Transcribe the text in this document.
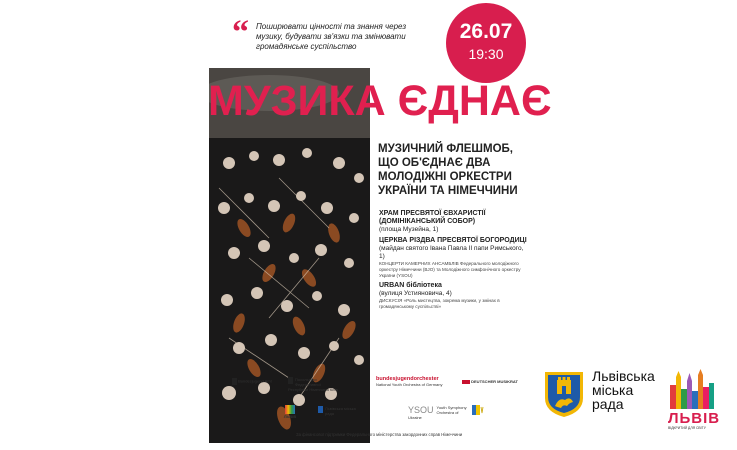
“ Поширювати цінності та знання через музику, будувати зв'язки та змінювати громадянське суспільство
26.07
19:30
МУЗИКА ЄДНАЄ
МУЗИЧНИЙ ФЛЕШМОБ, ЩО ОБ'ЄДНАЄ ДВА МОЛОДІЖНІ ОРКЕСТРИ УКРАЇНИ ТА НІМЕЧЧИНИ
ХРАМ ПРЕСВЯТОЇ ЄВХАРИСТІЇ (ДОМІНІКАНСЬКИЙ СОБОР)
(площа Музейна, 1)
ЦЕРКВА РІЗДВА ПРЕСВЯТОЇ БОГОРОДИЦІ
(майдан святого Івана Павла II папи Римського, 1)
КОНЦЕРТИ КАМЕРНИХ АНСАМБЛІВ Федерального молодіжного оркестру Німеччини (BJO) та Молодіжного симфонічного оркестру України (YSOU)
URBAN бібліотека
(вулиця Устияновича, 4)
ДИСКУСІЯ «Роль мистецтва, зокрема музики, у змінах в громадянському суспільстві»
Bundesjugend Amt	Посольство Федеративної Республіки Німеччина Київ
bundesjugendorchester
National Youth Orchestra of Germany
DEUTSCHER MUSIKRAT
ЛЬВІВ
Львівська міська рада	YSOU Youth Symphony Orchestra of Ukraine
За фінансової підтримки Федерального міністерства закордонних справ Німеччини
Львівська
міська
рада
ЛЬВІВ
ВІДКРИТИЙ ДЛЯ СВІТУ
